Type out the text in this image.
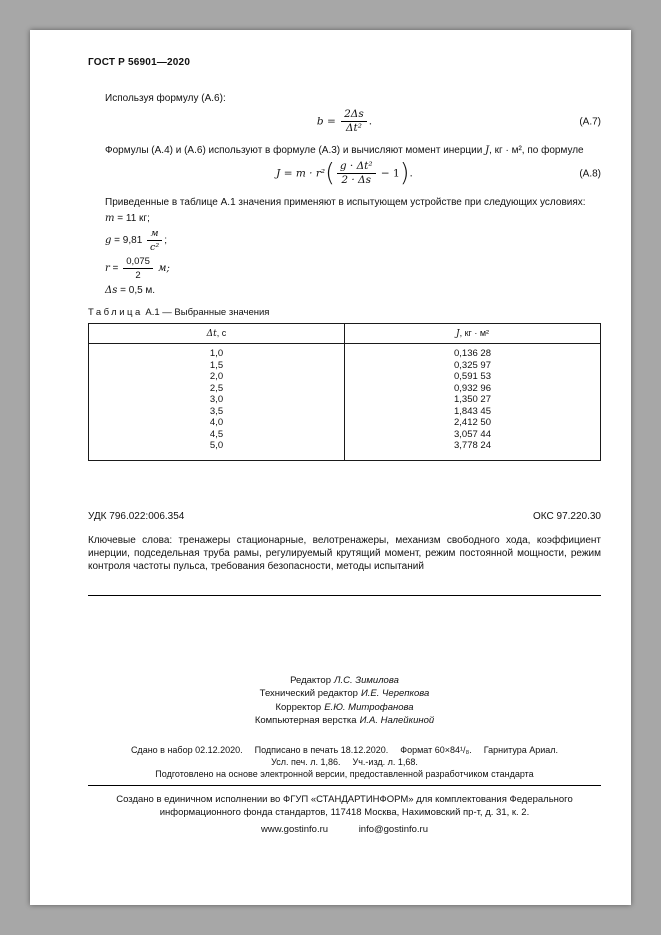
ГОСТ Р 56901—2020

Используя формулу (А.6):

$b = \frac{2\Delta s}{\text{Δt²}}$ .	(А.7)

Формулы (А.4) и (А.6) используют в формуле (А.3) и вычисляют момент инерции J, кг · м², по формуле

$J = m \cdot r^2( \frac{\text{g · Δt²}}{2 \cdot \Delta s} - 1)$.	(А.8)

Приведенные в таблице А.1 значения применяют в испытующем устройстве при следующих условиях:

m = 11 кг;
$g = 9,81 \frac{м}{\text{с²}}$ ;
$r = \frac{0,075}{2} м$;
Δs = 0,5 м.
Таблица А.1 — Выбранные значения
Δt, с	J, кг · м²
1,0	0,136 28
1,5	0,325 97
2,0	0,591 53
2,5	0,932 96
3,0	1,350 27
3,5	1,843 45
4,0	2,412 50
4,5	3,057 44
5,0	3,778 24
УДК 796.022:006.354	ОКС 97.220.30

Ключевые слова: тренажеры стационарные, велотренажеры, механизм свободного хода, коэффициент инерции, подседельная труба рамы, регулируемый крутящий момент, режим постоянной мощности, режим контроля частоты пульса, требования безопасности, методы испытаний

Редактор Л.С. Зимилова
Технический редактор И.Е. Черепкова
Корректор Е.Ю. Митрофанова
Компьютерная верстка И.А. Налейкиной
Сдано в набор 02.12.2020. Подписано в печать 18.12.2020. Формат 60×84¹/₈. Гарнитура Ариал.
Усл. печ. л. 1,86. Уч.-изд. л. 1,68.
Подготовлено на основе электронной версии, предоставленной разработчиком стандарта

Создано в единичном исполнении во ФГУП «СТАНДАРТИНФОРМ» для комплектования Федерального информационного фонда стандартов, 117418 Москва, Нахимовский пр-т, д. 31, к. 2.

www.gostinfo.ru	info@gostinfo.ru
